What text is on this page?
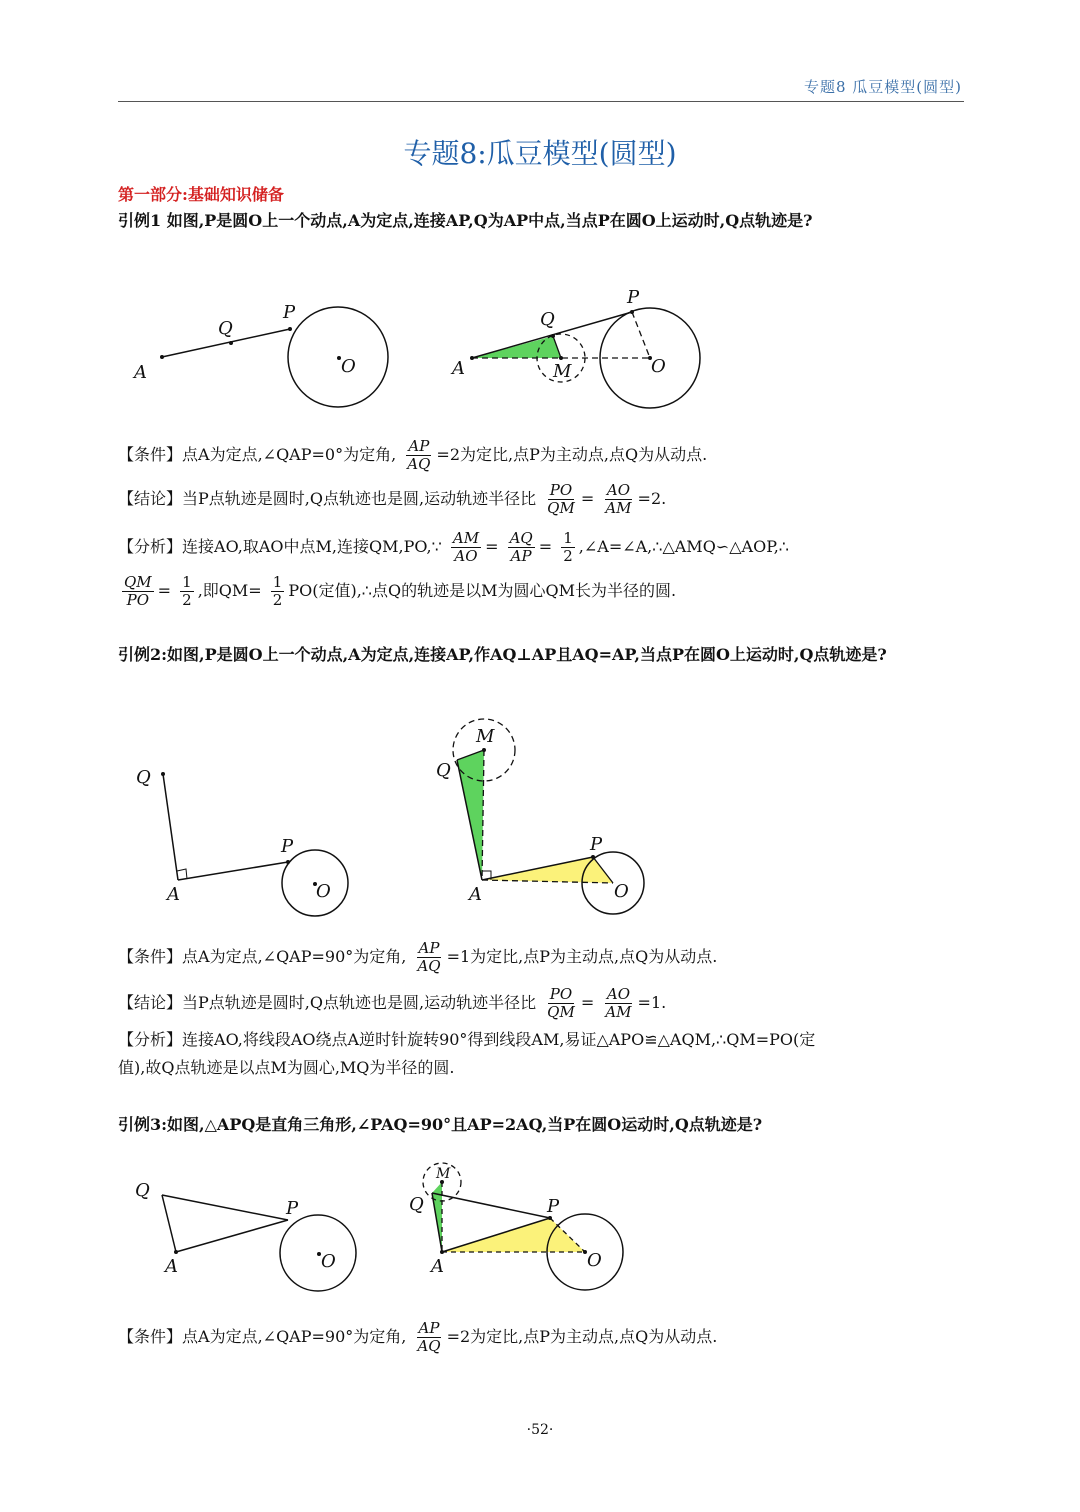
专题8 瓜豆模型(圆型)
专题8:瓜豆模型(圆型)
第一部分:基础知识储备
引例1 如图,P是圆O上一个动点,A为定点,连接AP,Q为AP中点,当点P在圆O上运动时,Q点轨迹是?
A
Q
P
O	A
Q
P
M	O
Q
A
P
O
M
Q
A
P
O
Q
A
P
O
M
Q
A
P
O
【条件】点A为定点,∠QAP=0°为定角, $\frac{AP}{AQ} =2$为定比,点P为主动点,点Q为从动点.
【结论】当P点轨迹是圆时,Q点轨迹也是圆,运动轨迹半径比 $\frac{PO}{QM} = \frac{AO}{AM} =2$.
【分析】连接AO,取AO中点M,连接QM,PO,∵ $\frac{AM}{AO} = \frac{AQ}{AP} = \frac{1}{2}$ ,∠A=∠A,∴△AMQ∽△AOP,∴
$\frac{QM}{PO} = \frac{1}{2}$ ,即$QM= \frac{1}{2} PO$(定值),∴点Q的轨迹是以M为圆心QM长为半径的圆.
引例2:如图,P是圆O上一个动点,A为定点,连接AP,作AQ⊥AP且AQ=AP,当点P在圆O上运动时,Q点轨迹是?
【条件】点A为定点,∠QAP=90°为定角, $\frac{AP}{AQ} =1$为定比,点P为主动点,点Q为从动点.
【结论】当P点轨迹是圆时,Q点轨迹也是圆,运动轨迹半径比 $\frac{PO}{QM} = \frac{AO}{AM} =1$.
【分析】连接AO,将线段AO绕点A逆时针旋转90°得到线段AM,易证△APO≌△AQM,∴QM=PO(定
值),故Q点轨迹是以点M为圆心,MQ为半径的圆.
引例3:如图,△APQ是直角三角形,∠PAQ=90°且AP=2AQ,当P在圆O运动时,Q点轨迹是?
【条件】点A为定点,∠QAP=90°为定角, $\frac{AP}{AQ} =2$为定比,点P为主动点,点Q为从动点.
·52·
